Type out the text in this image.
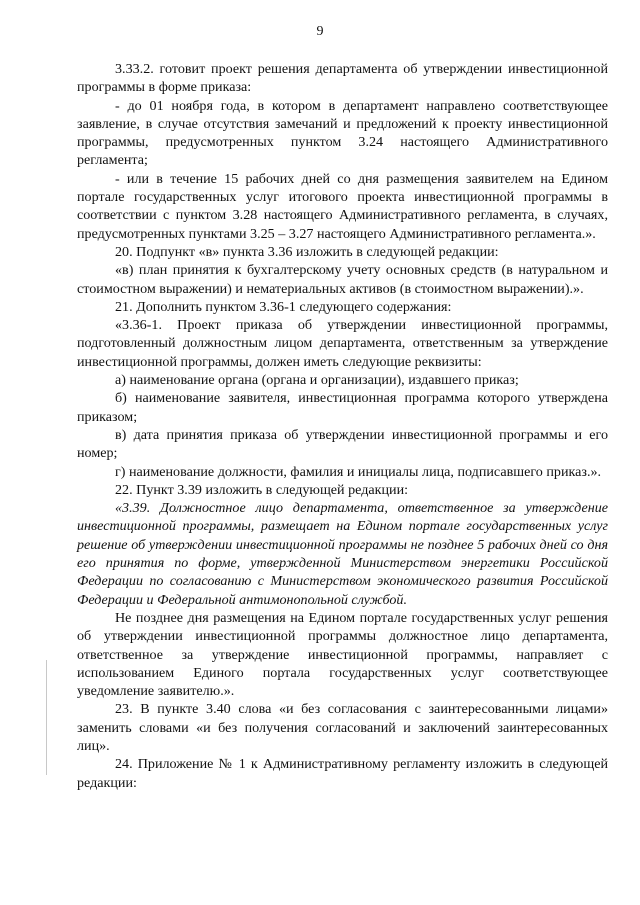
9

3.33.2. готовит проект решения департамента об утверждении инвестиционной программы в форме приказа:

- до 01 ноября года, в котором в департамент направлено соответствующее заявление, в случае отсутствия замечаний и предложений к проекту инвестиционной программы, предусмотренных пунктом 3.24 настоящего Административного регламента;

- или в течение 15 рабочих дней со дня размещения заявителем на Едином портале государственных услуг итогового проекта инвестиционной программы в соответствии с пунктом 3.28 настоящего Административного регламента, в случаях, предусмотренных пунктами 3.25 – 3.27 настоящего Административного регламента.».

20. Подпункт «в» пункта 3.36 изложить в следующей редакции:

«в) план принятия к бухгалтерскому учету основных средств (в натуральном и стоимостном выражении) и нематериальных активов (в стоимостном выражении).».

21. Дополнить пунктом 3.36-1 следующего содержания:

«3.36-1. Проект приказа об утверждении инвестиционной программы, подготовленный должностным лицом департамента, ответственным за утверждение инвестиционной программы, должен иметь следующие реквизиты:

а) наименование органа (органа и организации), издавшего приказ;

б) наименование заявителя, инвестиционная программа которого утверждена приказом;

в) дата принятия приказа об утверждении инвестиционной программы и его номер;

г) наименование должности, фамилия и инициалы лица, подписавшего приказ.».

22. Пункт 3.39 изложить в следующей редакции:

«3.39. Должностное лицо департамента, ответственное за утверждение инвестиционной программы, размещает на Едином портале государственных услуг решение об утверждении инвестиционной программы не позднее 5 рабочих дней со дня его принятия по форме, утвержденной Министерством энергетики Российской Федерации по согласованию с Министерством экономического развития Российской Федерации и Федеральной антимонопольной службой.

Не позднее дня размещения на Едином портале государственных услуг решения об утверждении инвестиционной программы должностное лицо департамента, ответственное за утверждение инвестиционной программы, направляет с использованием Единого портала государственных услуг соответствующее уведомление заявителю.».

23. В пункте 3.40 слова «и без согласования с заинтересованными лицами» заменить словами «и без получения согласований и заключений заинтересованных лиц».

24. Приложение № 1 к Административному регламенту изложить в следующей редакции:
